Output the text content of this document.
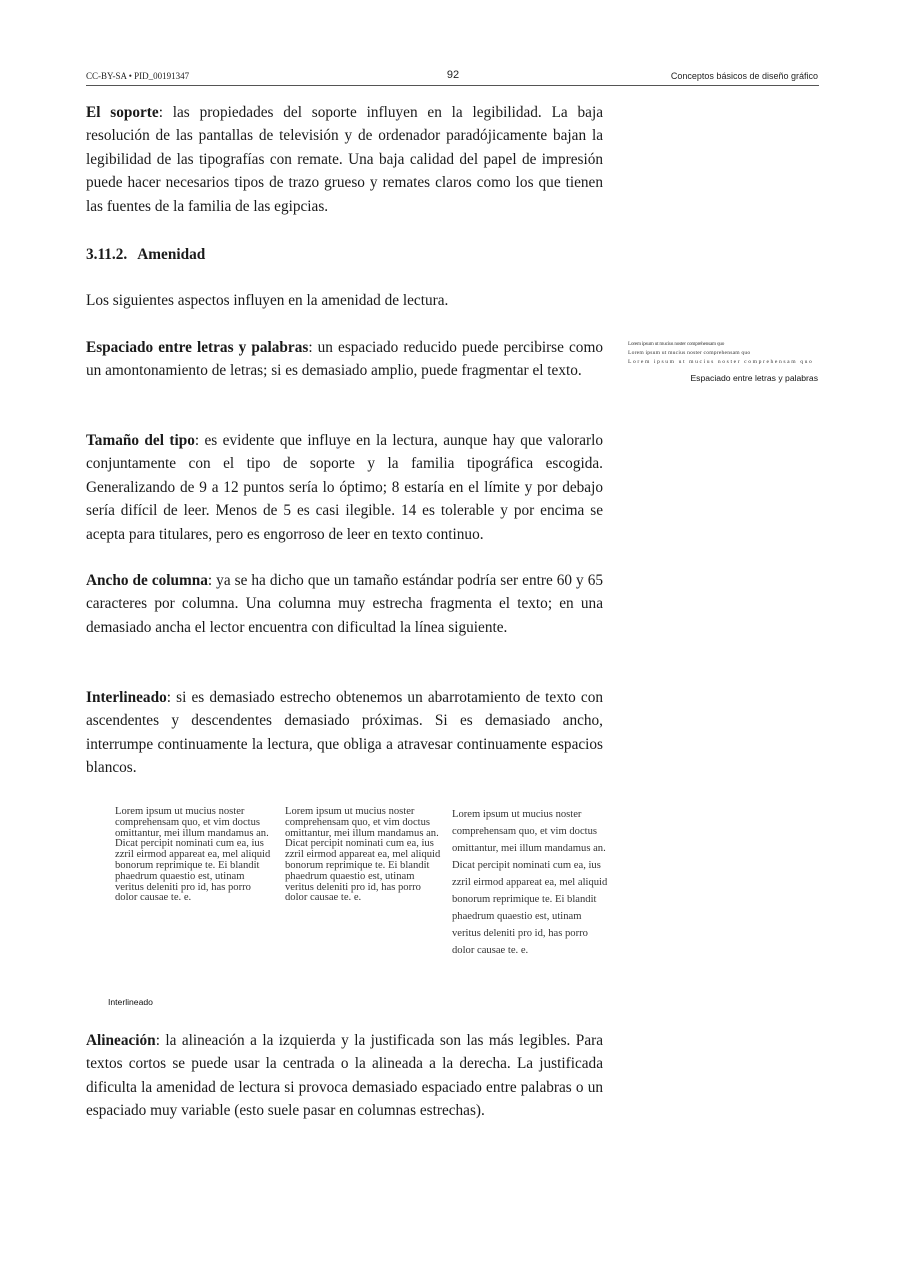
CC-BY-SA • PID_00191347	92	Conceptos básicos de diseño gráfico

El soporte: las propiedades del soporte influyen en la legibilidad. La baja resolución de las pantallas de televisión y de ordenador paradójicamente bajan la legibilidad de las tipografías con remate. Una baja calidad del papel de impresión puede hacer necesarios tipos de trazo grueso y remates claros como los que tienen las fuentes de la familia de las egipcias.

3.11.2. Amenidad

Los siguientes aspectos influyen en la amenidad de lectura.

Espaciado entre letras y palabras: un espaciado reducido puede percibirse como un amontonamiento de letras; si es demasiado amplio, puede fragmentar el texto.

Lorem ipsum ut mucius noster comprehensam quo
Lorem ipsum ut mucius noster comprehensam quo
Lorem ipsum ut mucius noster comprehensam quo
Espaciado entre letras y palabras

Tamaño del tipo: es evidente que influye en la lectura, aunque hay que valorarlo conjuntamente con el tipo de soporte y la familia tipográfica escogida. Generalizando de 9 a 12 puntos sería lo óptimo; 8 estaría en el límite y por debajo sería difícil de leer. Menos de 5 es casi ilegible. 14 es tolerable y por encima se acepta para titulares, pero es engorroso de leer en texto continuo.

Ancho de columna: ya se ha dicho que un tamaño estándar podría ser entre 60 y 65 caracteres por columna. Una columna muy estrecha fragmenta el texto; en una demasiado ancha el lector encuentra con dificultad la línea siguiente.

Interlineado: si es demasiado estrecho obtenemos un abarrotamiento de texto con ascendentes y descendentes demasiado próximas. Si es demasiado ancho, interrumpe continuamente la lectura, que obliga a atravesar continuamente espacios blancos.

Lorem ipsum ut mucius noster comprehensam quo, et vim doctus omittantur, mei illum mandamus an. Dicat percipit nominati cum ea, ius zzril eirmod appareat ea, mel aliquid bonorum reprimique te. Ei blandit phaedrum quaestio est, utinam veritus deleniti pro id, has porro dolor causae te. e.
Lorem ipsum ut mucius noster comprehensam quo, et vim doctus omittantur, mei illum mandamus an. Dicat percipit nominati cum ea, ius zzril eirmod appareat ea, mel aliquid bonorum reprimique te. Ei blandit phaedrum quaestio est, utinam veritus deleniti pro id, has porro dolor causae te. e.
Lorem ipsum ut mucius noster comprehensam quo, et vim doctus omittantur, mei illum mandamus an. Dicat percipit nominati cum ea, ius zzril eirmod appareat ea, mel aliquid bonorum reprimique te. Ei blandit phaedrum quaestio est, utinam veritus deleniti pro id, has porro dolor causae te. e.
Interlineado

Alineación: la alineación a la izquierda y la justificada son las más legibles. Para textos cortos se puede usar la centrada o la alineada a la derecha. La justificada dificulta la amenidad de lectura si provoca demasiado espaciado entre palabras o un espaciado muy variable (esto suele pasar en columnas estrechas).
